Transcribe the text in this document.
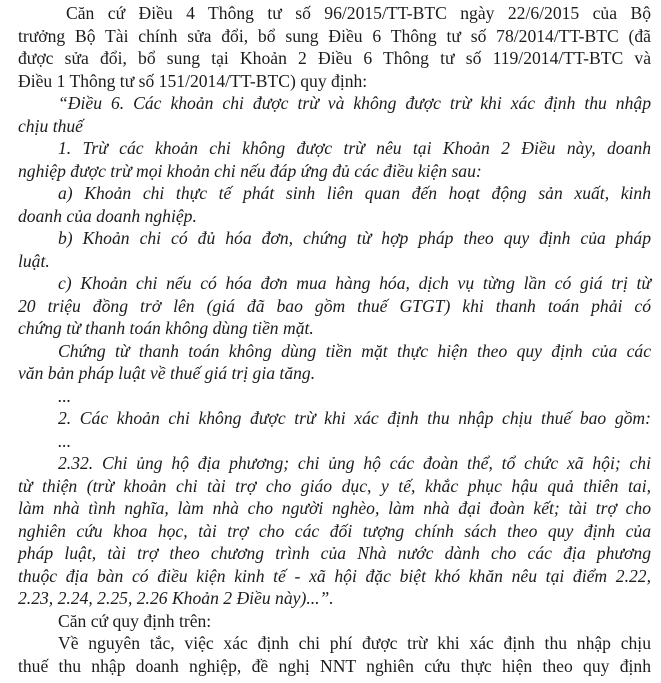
Căn cứ Điều 4 Thông tư số 96/2015/TT-BTC ngày 22/6/2015 của Bộ
trưởng Bộ Tài chính sửa đổi, bổ sung Điều 6 Thông tư số 78/2014/TT-BTC (đã
được sửa đổi, bổ sung tại Khoản 2 Điều 6 Thông tư số 119/2014/TT-BTC và
Điều 1 Thông tư số 151/2014/TT-BTC) quy định:
“Điều 6. Các khoản chi được trừ và không được trừ khi xác định thu nhập
chịu thuế
1. Trừ các khoản chi không được trừ nêu tại Khoản 2 Điều này, doanh
nghiệp được trừ mọi khoản chi nếu đáp ứng đủ các điều kiện sau:
a) Khoản chi thực tế phát sinh liên quan đến hoạt động sản xuất, kinh
doanh của doanh nghiệp.
b) Khoản chi có đủ hóa đơn, chứng từ hợp pháp theo quy định của pháp
luật.
c) Khoản chi nếu có hóa đơn mua hàng hóa, dịch vụ từng lần có giá trị từ
20 triệu đồng trở lên (giá đã bao gồm thuế GTGT) khi thanh toán phải có
chứng từ thanh toán không dùng tiền mặt.
Chứng từ thanh toán không dùng tiền mặt thực hiện theo quy định của các
văn bản pháp luật về thuế giá trị gia tăng.
...
2. Các khoản chi không được trừ khi xác định thu nhập chịu thuế bao gồm:
...
2.32. Chi ủng hộ địa phương; chi ủng hộ các đoàn thể, tổ chức xã hội; chi
từ thiện (trừ khoản chi tài trợ cho giáo dục, y tế, khắc phục hậu quả thiên tai,
làm nhà tình nghĩa, làm nhà cho người nghèo, làm nhà đại đoàn kết; tài trợ cho
nghiên cứu khoa học, tài trợ cho các đối tượng chính sách theo quy định của
pháp luật, tài trợ theo chương trình của Nhà nước dành cho các địa phương
thuộc địa bàn có điều kiện kinh tế - xã hội đặc biệt khó khăn nêu tại điểm 2.22,
2.23, 2.24, 2.25, 2.26 Khoản 2 Điều này)...”.
Căn cứ quy định trên:
Về nguyên tắc, việc xác định chi phí được trừ khi xác định thu nhập chịu
thuế thu nhập doanh nghiệp, đề nghị NNT nghiên cứu thực hiện theo quy định
